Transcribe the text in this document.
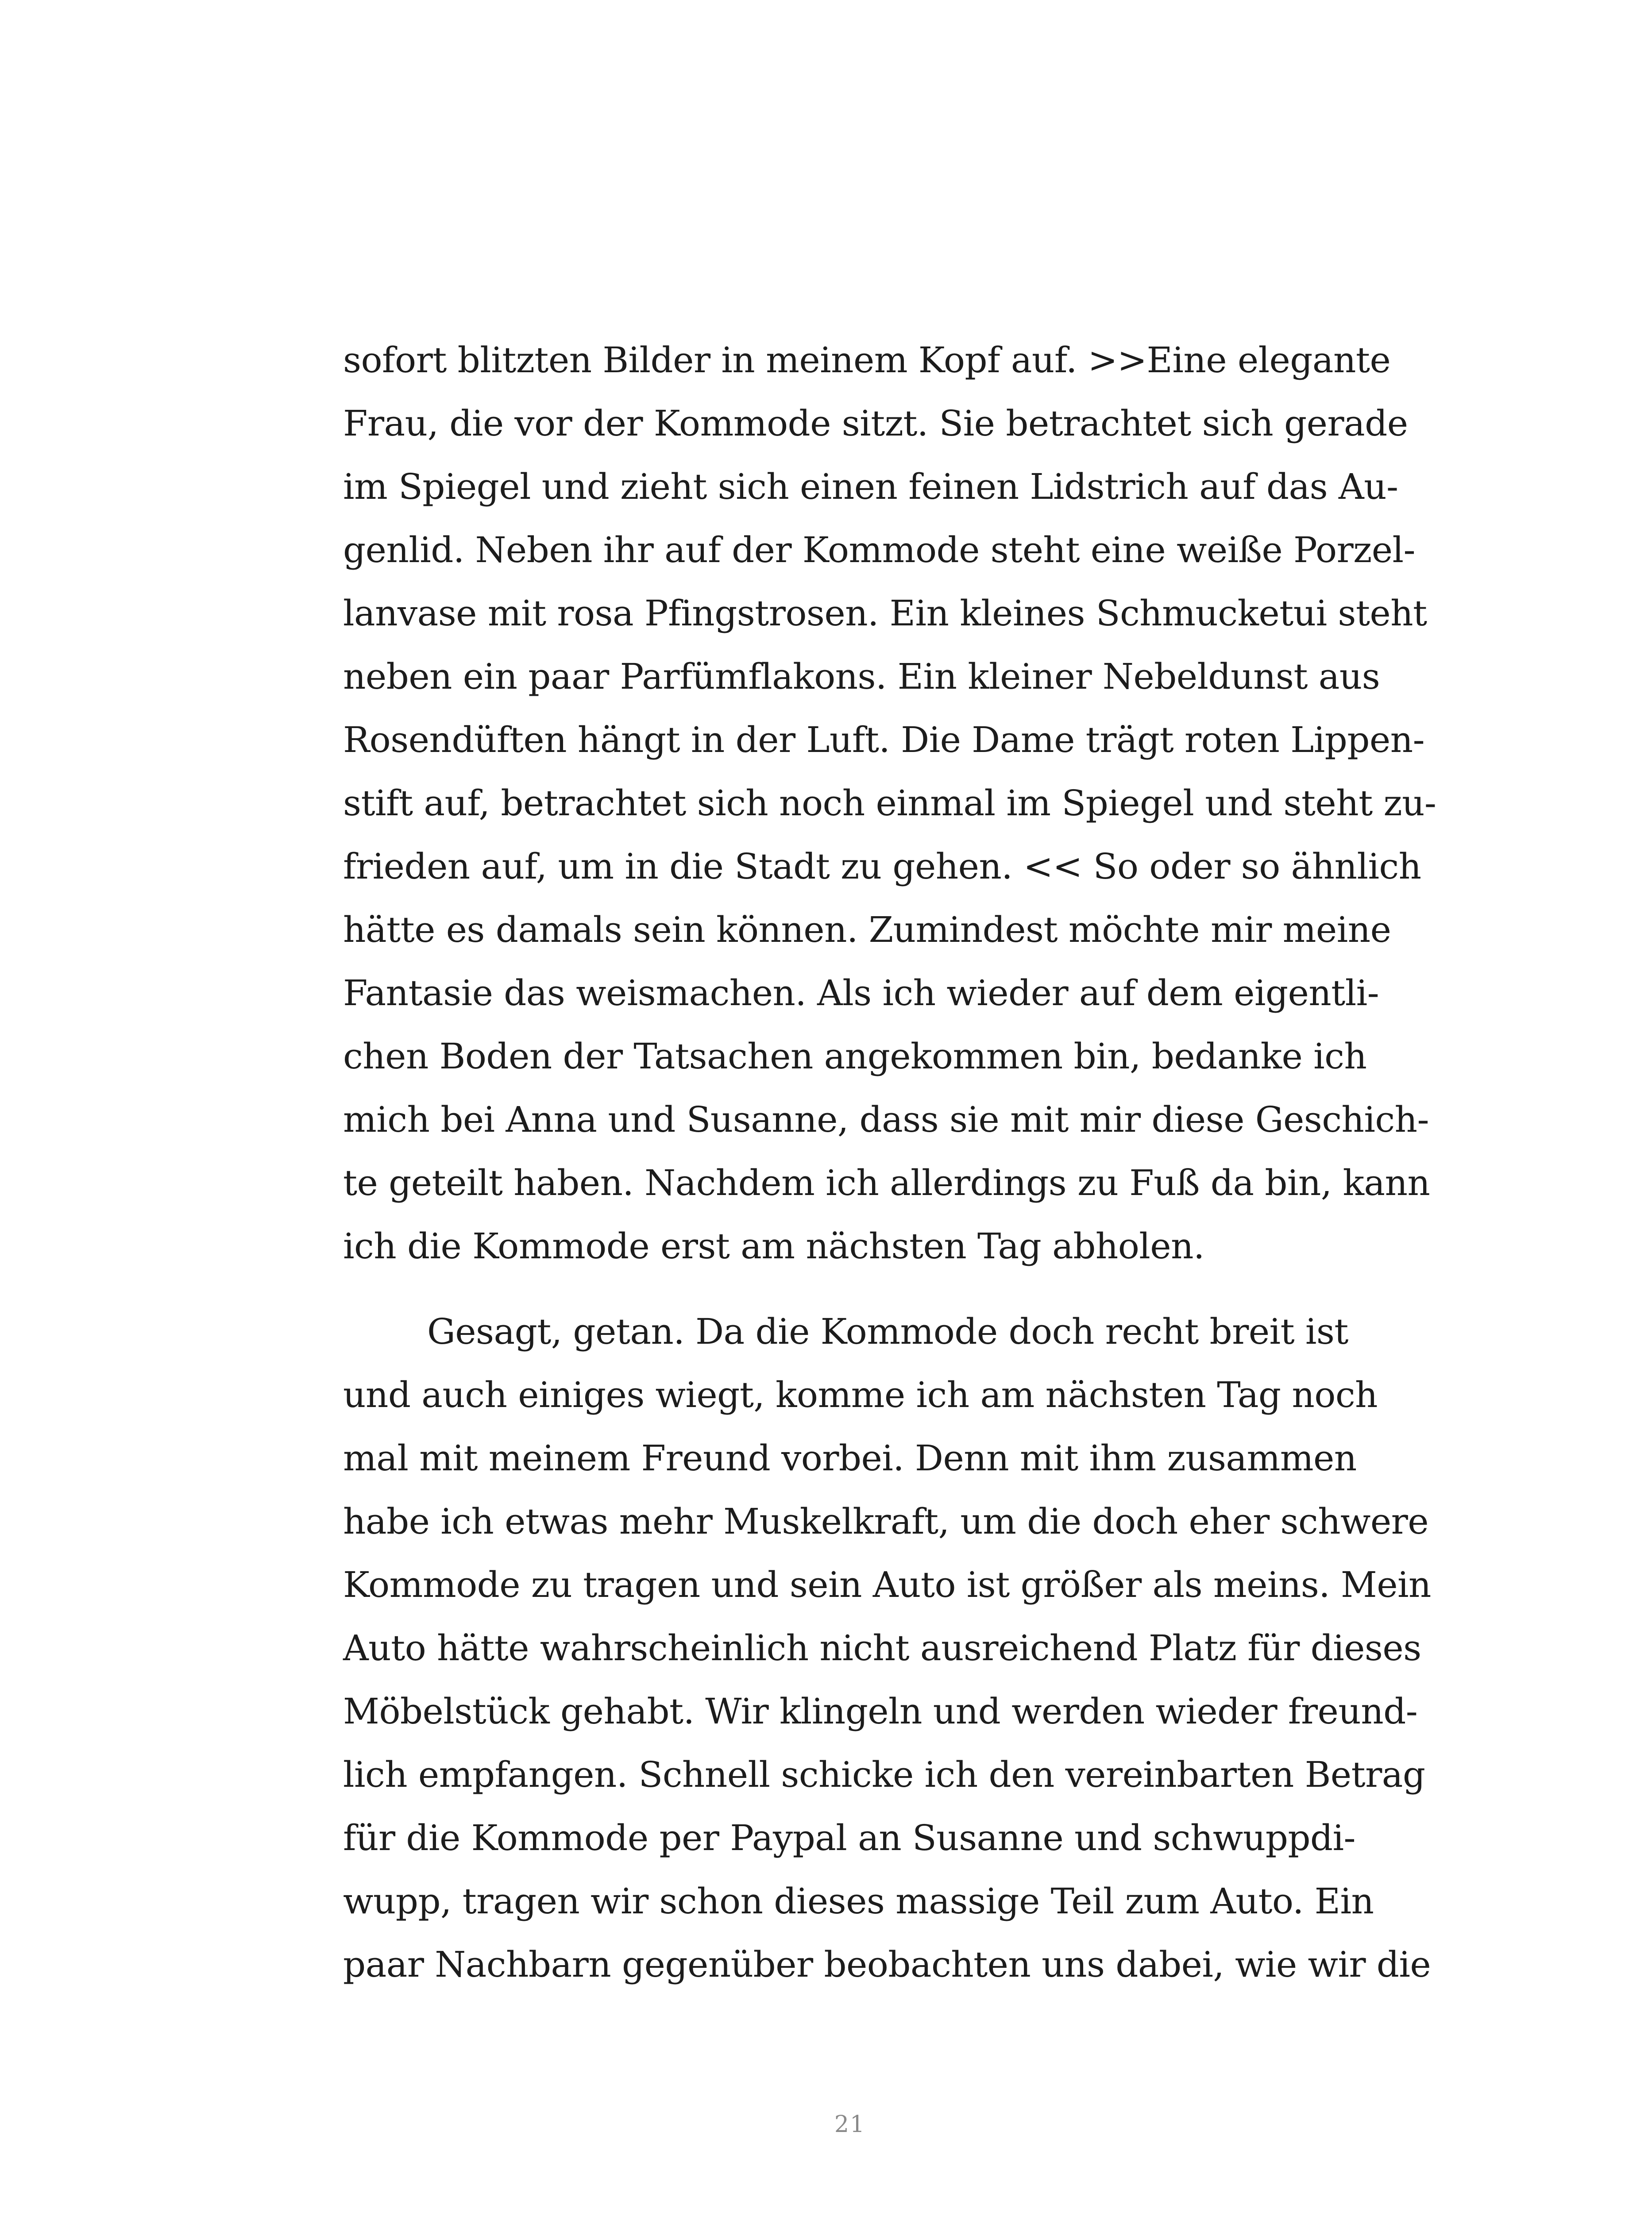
sofort blitzten Bilder in meinem Kopf auf. >>Eine elegante
Frau, die vor der Kommode sitzt. Sie betrachtet sich gerade
im Spiegel und zieht sich einen feinen Lidstrich auf das Au-
genlid. Neben ihr auf der Kommode steht eine weiße Porzel-
lanvase mit rosa Pfingstrosen. Ein kleines Schmucketui steht
neben ein paar Parfümflakons. Ein kleiner Nebeldunst aus
Rosendüften hängt in der Luft. Die Dame trägt roten Lippen-
stift auf, betrachtet sich noch einmal im Spiegel und steht zu-
frieden auf, um in die Stadt zu gehen. << So oder so ähnlich
hätte es damals sein können. Zumindest möchte mir meine
Fantasie das weismachen. Als ich wieder auf dem eigentli-
chen Boden der Tatsachen angekommen bin, bedanke ich
mich bei Anna und Susanne, dass sie mit mir diese Geschich-
te geteilt haben. Nachdem ich allerdings zu Fuß da bin, kann
ich die Kommode erst am nächsten Tag abholen.
Gesagt, getan. Da die Kommode doch recht breit ist
und auch einiges wiegt, komme ich am nächsten Tag noch
mal mit meinem Freund vorbei. Denn mit ihm zusammen
habe ich etwas mehr Muskelkraft, um die doch eher schwere
Kommode zu tragen und sein Auto ist größer als meins. Mein
Auto hätte wahrscheinlich nicht ausreichend Platz für dieses
Möbelstück gehabt. Wir klingeln und werden wieder freund-
lich empfangen. Schnell schicke ich den vereinbarten Betrag
für die Kommode per Paypal an Susanne und schwuppdi-
wupp, tragen wir schon dieses massige Teil zum Auto. Ein
paar Nachbarn gegenüber beobachten uns dabei, wie wir die
21
